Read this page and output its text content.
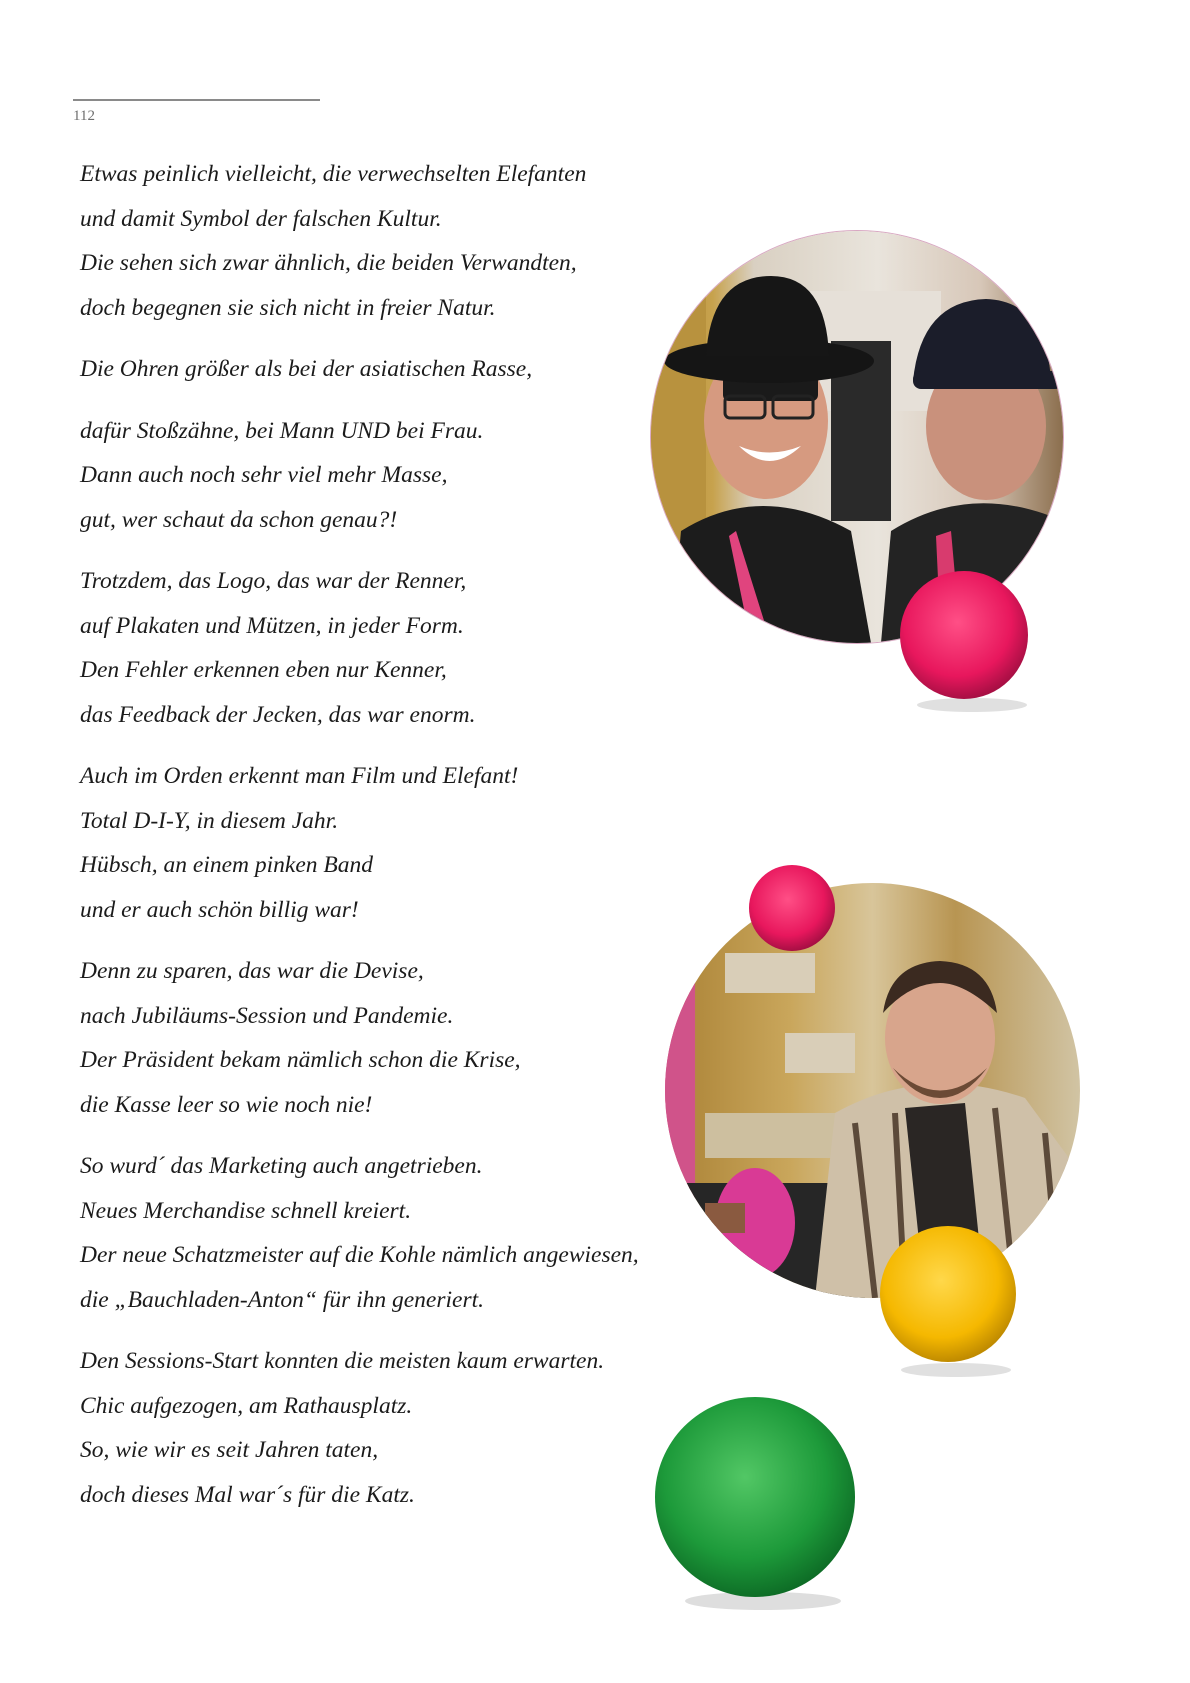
112
Etwas peinlich vielleicht, die verwechselten Elefanten
und damit Symbol der falschen Kultur.
Die sehen sich zwar ähnlich, die beiden Verwandten,
doch begegnen sie sich nicht in freier Natur.
Die Ohren größer als bei der asiatischen Rasse,
dafür Stoßzähne, bei Mann UND bei Frau.
Dann auch noch sehr viel mehr Masse,
gut, wer schaut da schon genau?!
Trotzdem, das Logo, das war der Renner,
auf Plakaten und Mützen, in jeder Form.
Den Fehler erkennen eben nur Kenner,
das Feedback der Jecken, das war enorm.
Auch im Orden erkennt man Film und Elefant!
Total D-I-Y, in diesem Jahr.
Hübsch, an einem pinken Band
und er auch schön billig war!
Denn zu sparen, das war die Devise,
nach Jubiläums-Session und Pandemie.
Der Präsident bekam nämlich schon die Krise,
die Kasse leer so wie noch nie!
So wurd´ das Marketing auch angetrieben.
Neues Merchandise schnell kreiert.
Der neue Schatzmeister auf die Kohle nämlich angewiesen,
die „Bauchladen-Anton“ für ihn generiert.
Den Sessions-Start konnten die meisten kaum erwarten.
Chic aufgezogen, am Rathausplatz.
So, wie wir es seit Jahren taten,
doch dieses Mal war´s für die Katz.
